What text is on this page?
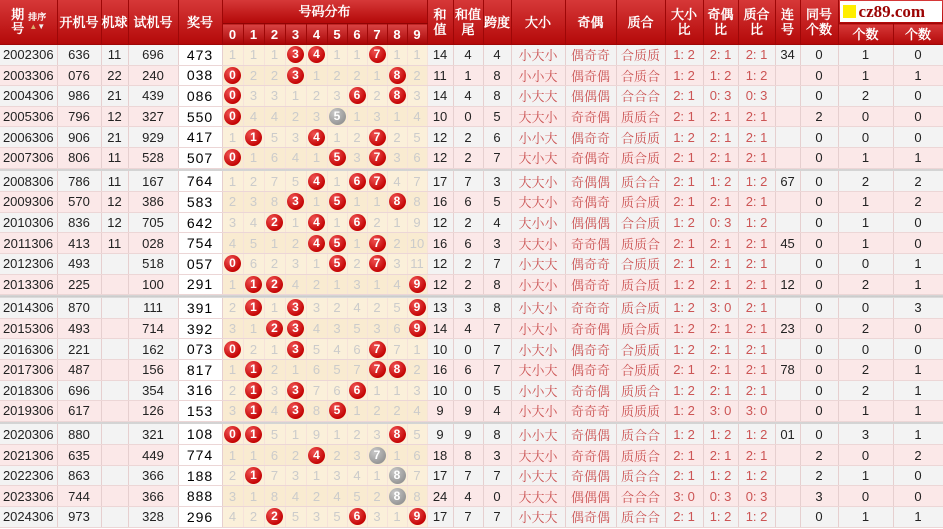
期号
排序
▲▼	开机号	机球	试机号	奖号	号码分布										和值	和值尾	跨度	大小	奇偶	质合	大小比	奇偶比	质合比	连号	同号个数	cz89.com	

					0	1	2	3	4	5	6	7	8	9												个数	个数
2002306	636	11	696	473	1	1	1	3	4	1	1	7	1	1	14	4	4	小大小	偶奇奇	合质质	1: 2	2: 1	2: 1	34	0	1	0
2003306	076	22	240	038	0	2	2	3	1	2	2	1	8	2	11	1	8	小小大	偶奇偶	合质合	1: 2	1: 2	1: 2		0	1	1
2004306	986	21	439	086	0	3	3	1	2	3	6	2	8	3	14	4	8	小大大	偶偶偶	合合合	2: 1	0: 3	0: 3		0	2	0
2005306	796	12	327	550	0	4	4	2	3	5	1	3	1	4	10	0	5	大大小	奇奇偶	质质合	2: 1	2: 1	2: 1		2	0	0
2006306	906	21	929	417	1	1	5	3	4	1	2	7	2	5	12	2	6	小小大	偶奇奇	合质质	1: 2	2: 1	2: 1		0	0	0
2007306	806	11	528	507	0	1	6	4	1	5	3	7	3	6	12	2	7	大小大	奇偶奇	质合质	2: 1	2: 1	2: 1		0	1	1

2008306	786	11	167	764	1	2	7	5	4	1	6	7	4	7	17	7	3	大大小	奇偶偶	质合合	2: 1	1: 2	1: 2	67	0	2	2
2009306	570	12	386	583	2	3	8	3	1	5	1	1	8	8	16	6	5	大大小	奇偶奇	质合质	2: 1	2: 1	2: 1		0	1	2
2010306	836	12	705	642	3	4	2	1	4	1	6	2	1	9	12	2	4	大小小	偶偶偶	合合质	1: 2	0: 3	1: 2		0	1	0
2011306	413	11	028	754	4	5	1	2	4	5	1	7	2	10	16	6	3	大大小	奇奇偶	质质合	2: 1	2: 1	2: 1	45	0	1	0
2012306	493		518	057	0	6	2	3	1	5	2	7	3	11	12	2	7	小大大	偶奇奇	合质质	2: 1	2: 1	2: 1		0	0	1
2013306	225		100	291	1	1	2	4	2	1	3	1	4	9	12	2	8	小大小	偶奇奇	质合质	1: 2	2: 1	2: 1	12	0	2	1

2014306	870		111	391	2	1	1	3	3	2	4	2	5	9	13	3	8	小大小	奇奇奇	质合质	1: 2	3: 0	2: 1		0	0	3
2015306	493		714	392	3	1	2	3	4	3	5	3	6	9	14	4	7	小大小	奇奇偶	质合质	1: 2	2: 1	2: 1	23	0	2	0
2016306	221		162	073	0	2	1	3	5	4	6	7	7	1	10	0	7	小大小	偶奇奇	合质质	1: 2	2: 1	2: 1		0	0	0
2017306	487		156	817	1	1	2	1	6	5	7	7	8	2	16	6	7	大小大	偶奇奇	合质质	2: 1	2: 1	2: 1	78	0	2	1
2018306	696		354	316	2	1	3	3	7	6	6	1	1	3	10	0	5	小小大	奇奇偶	质质合	1: 2	2: 1	2: 1		0	2	1
2019306	617		126	153	3	1	4	3	8	5	1	2	2	4	9	9	4	小大小	奇奇奇	质质质	1: 2	3: 0	3: 0		0	1	1

2020306	880		321	108	0	1	5	1	9	1	2	3	8	5	9	9	8	小小大	奇偶偶	质合合	1: 2	1: 2	1: 2	01	0	3	1
2021306	635		449	774	1	1	6	2	4	2	3	7	1	6	18	8	3	大大小	奇奇偶	质质合	2: 1	2: 1	2: 1		2	0	2
2022306	863		366	188	2	1	7	3	1	3	4	1	8	7	17	7	7	小大大	奇偶偶	质合合	2: 1	1: 2	1: 2		2	1	0
2023306	744		366	888	3	1	8	4	2	4	5	2	8	8	24	4	0	大大大	偶偶偶	合合合	3: 0	0: 3	0: 3		3	0	0
2024306	973		328	296	4	2	2	5	3	5	6	3	1	9	17	7	7	小大大	偶奇偶	质合合	2: 1	1: 2	1: 2		0	1	1
